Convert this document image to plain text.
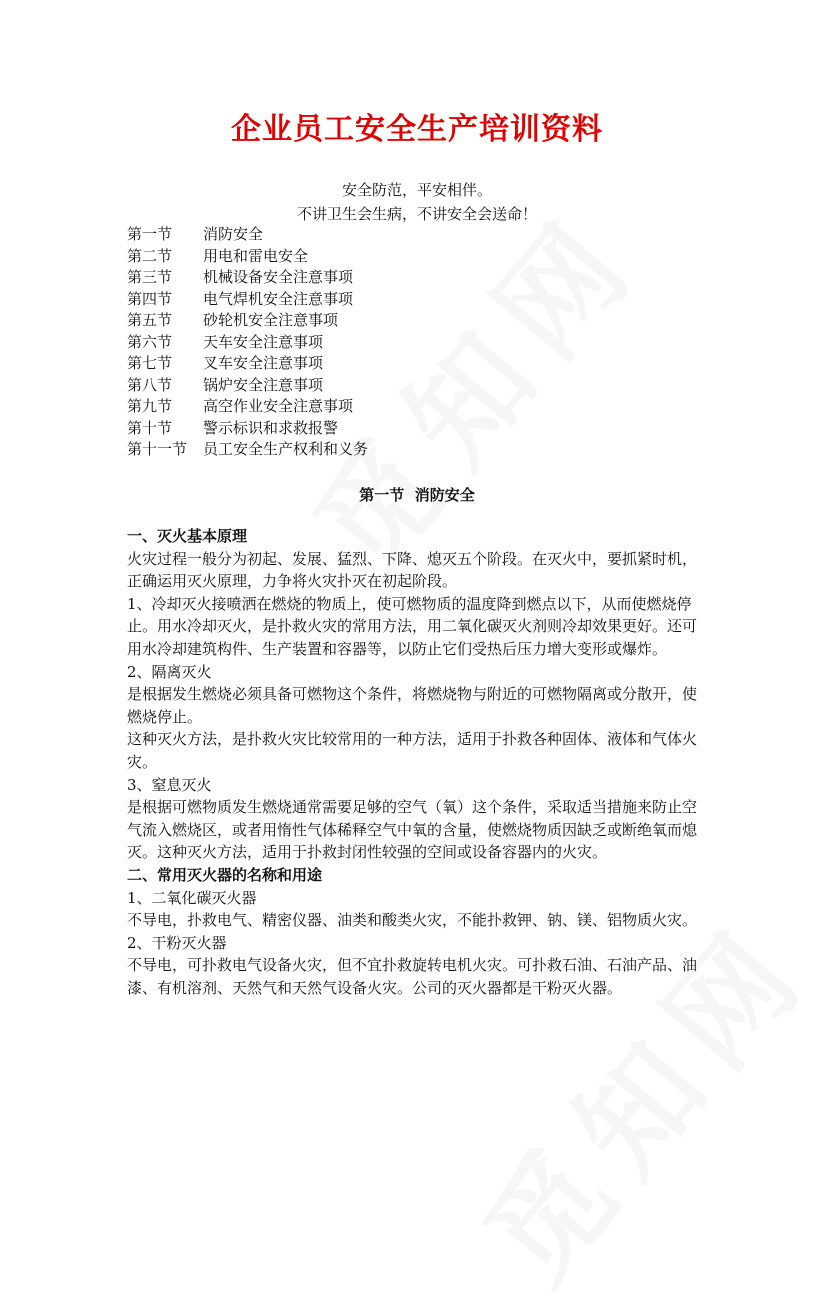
企业员工安全生产培训资料
安全防范，平安相伴。
不讲卫生会生病，不讲安全会送命！
第一节	消防安全
第二节	用电和雷电安全
第三节	机械设备安全注意事项
第四节	电气焊机安全注意事项
第五节	砂轮机安全注意事项
第六节	天车安全注意事项
第七节	叉车安全注意事项
第八节	锅炉安全注意事项
第九节	高空作业安全注意事项
第十节	警示标识和求救报警
第十一节	员工安全生产权利和义务
第一节  消防安全

一、灭火基本原理

火灾过程一般分为初起、发展、猛烈、下降、熄灭五个阶段。在灭火中，要抓紧时机，正确运用灭火原理，力争将火灾扑灭在初起阶段。

1、冷却灭火接喷洒在燃烧的物质上，使可燃物质的温度降到燃点以下，从而使燃烧停止。用水冷却灭火，是扑救火灾的常用方法，用二氧化碳灭火剂则冷却效果更好。还可用水冷却建筑构件、生产装置和容器等，以防止它们受热后压力增大变形或爆炸。

2、隔离灭火

是根据发生燃烧必须具备可燃物这个条件，将燃烧物与附近的可燃物隔离或分散开，使燃烧停止。

这种灭火方法，是扑救火灾比较常用的一种方法，适用于扑救各种固体、液体和气体火灾。

3、窒息灭火

是根据可燃物质发生燃烧通常需要足够的空气（氧）这个条件，采取适当措施来防止空气流入燃烧区，或者用惰性气体稀释空气中氧的含量，使燃烧物质因缺乏或断绝氧而熄灭。这种灭火方法，适用于扑救封闭性较强的空间或设备容器内的火灾。

二、常用灭火器的名称和用途

1、二氧化碳灭火器

不导电，扑救电气、精密仪器、油类和酸类火灾，不能扑救钾、钠、镁、铝物质火灾。

2、干粉灭火器

不导电，可扑救电气设备火灾，但不宜扑救旋转电机火灾。可扑救石油、石油产品、油漆、有机溶剂、天然气和天然气设备火灾。公司的灭火器都是干粉灭火器。
